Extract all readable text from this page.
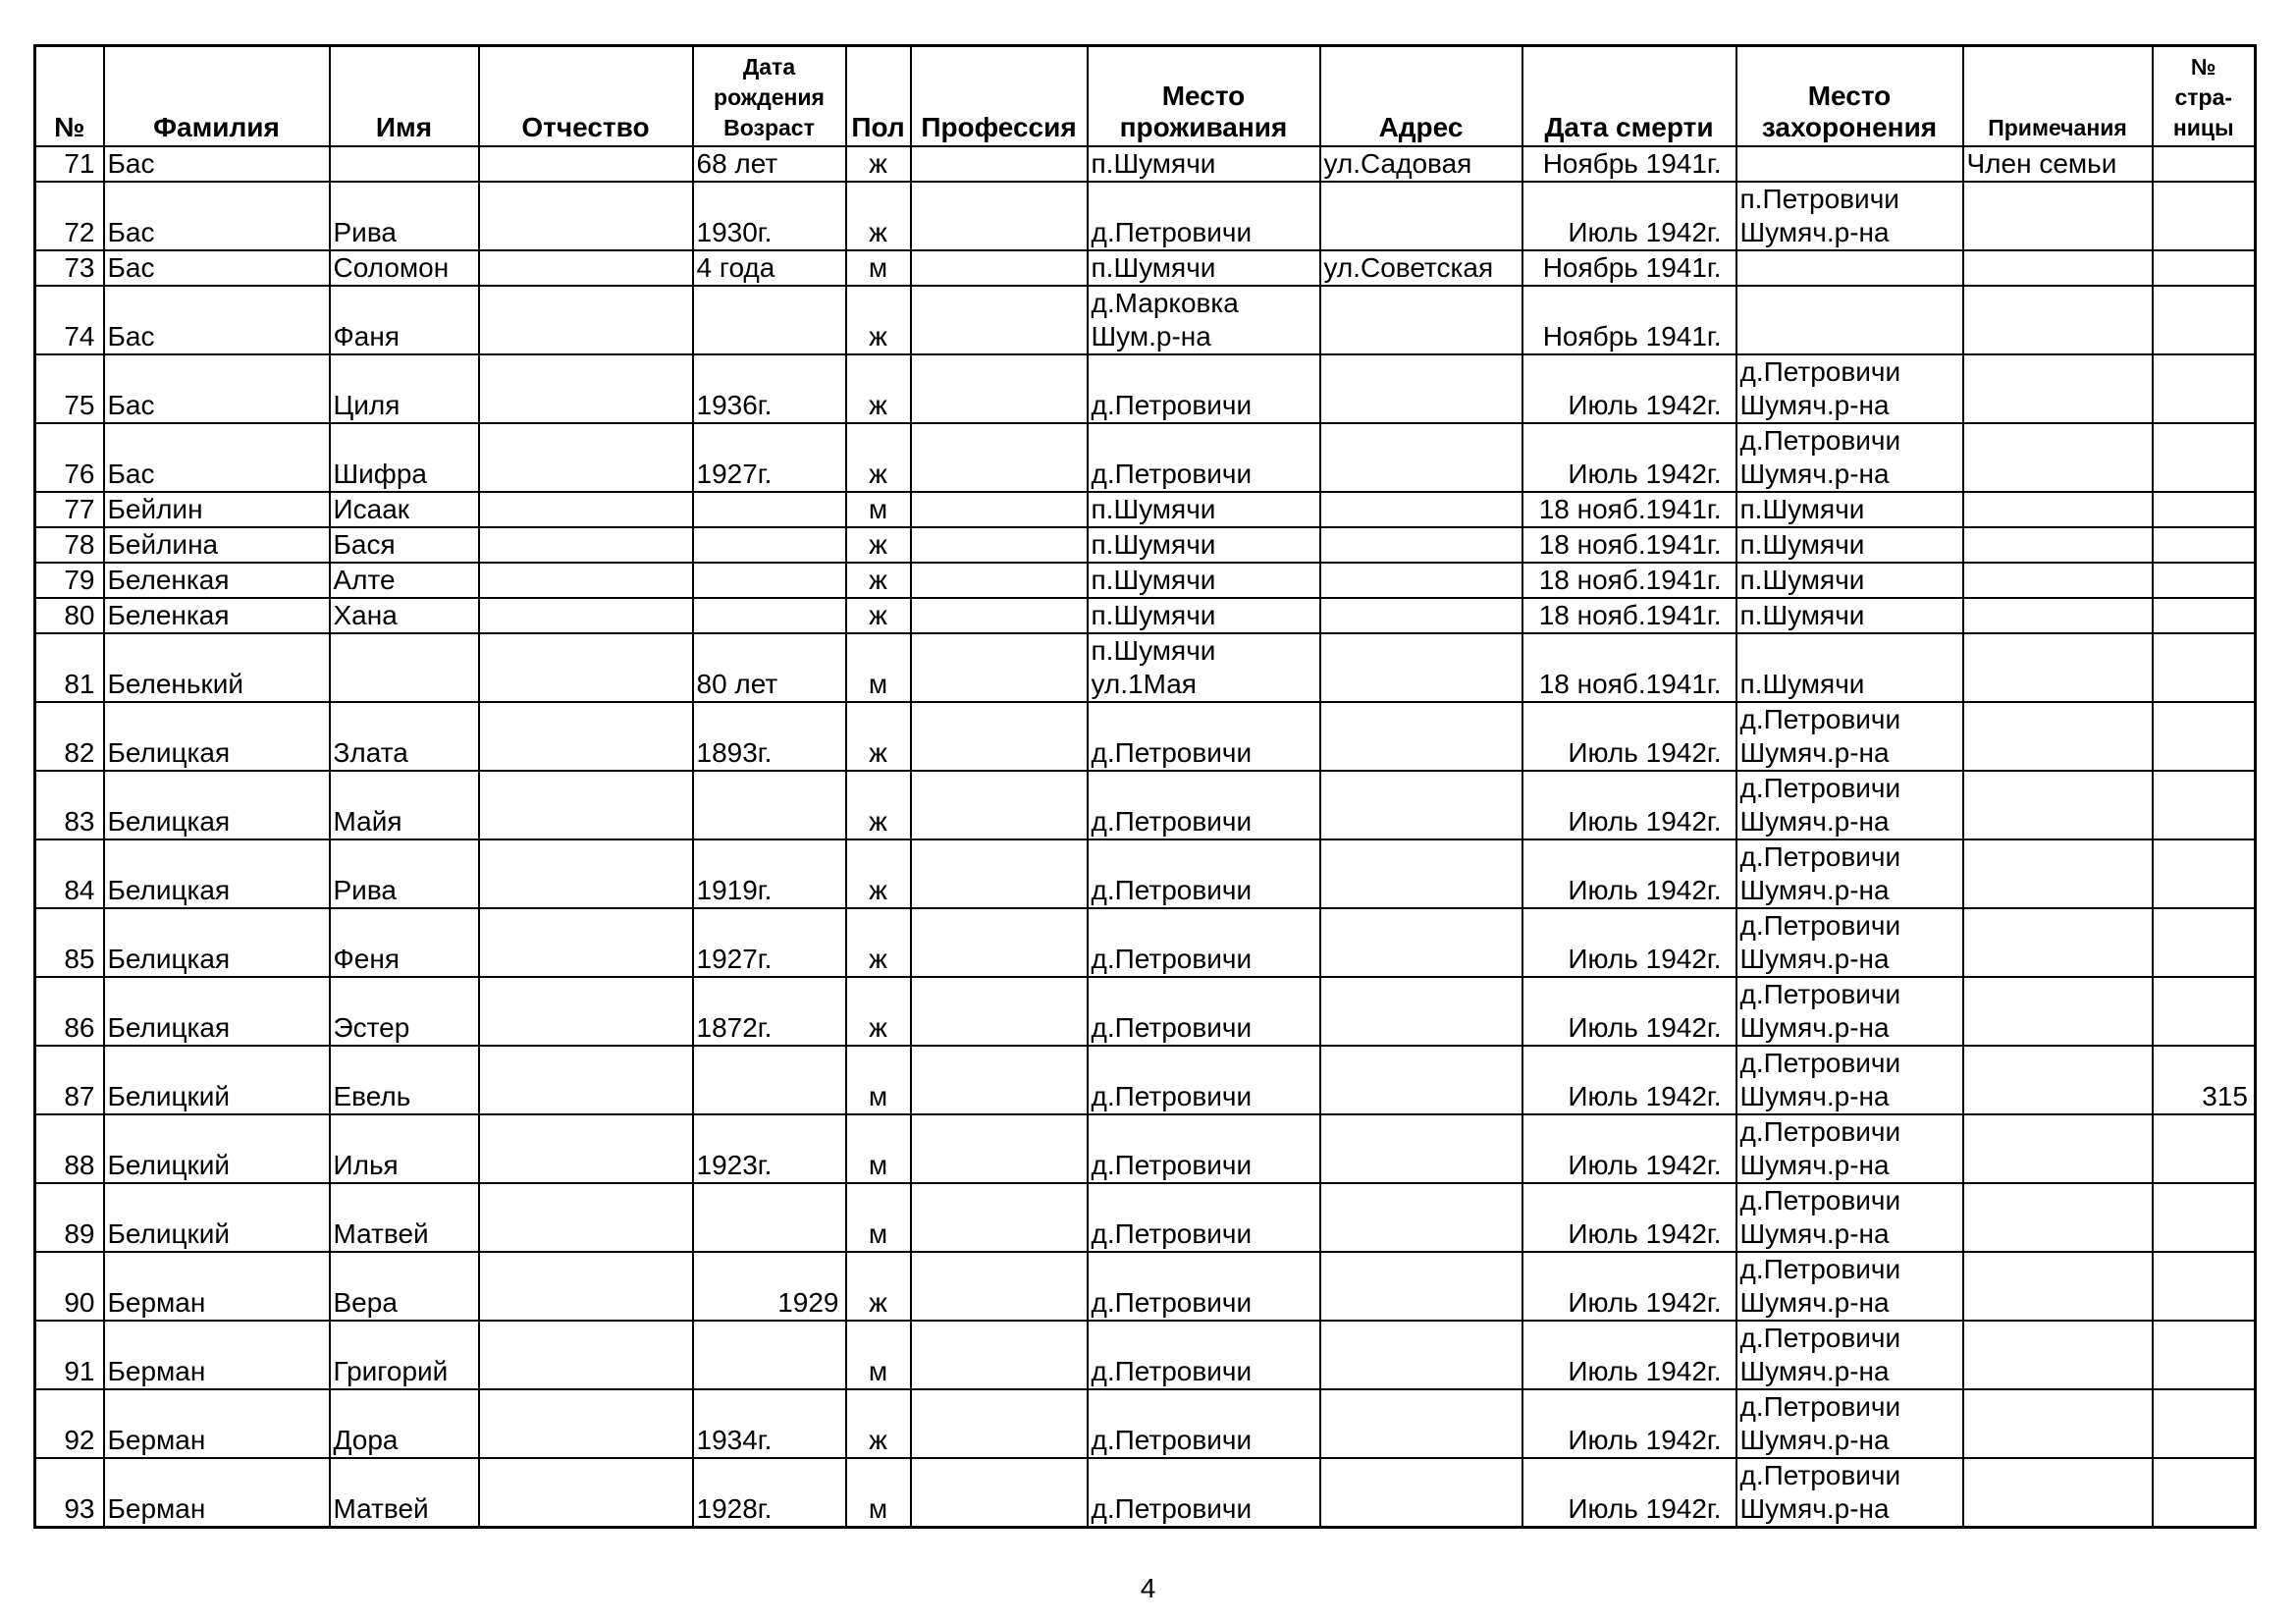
№	Фамилия	Имя	Отчество	Дата
рождения
Возраст	Пол	Профессия	Место
проживания	Адрес	Дата смерти	Место
захоронения	Примечания	№
стра-
ницы

71	Бас			68 лет	ж		п.Шумячи	ул.Садовая	Ноябрь 1941г.		Член семьи	
72	Бас	Рива		1930г.	ж		д.Петровичи		Июль 1942г.	п.Петровичи
Шумяч.р-на		

73	Бас	Соломон		4 года	м		п.Шумячи	ул.Советская	Ноябрь 1941г.			
74	Бас	Фаня			ж		д.Марковка
Шум.р-на		Ноябрь 1941г.			
75	Бас	Циля		1936г.	ж		д.Петровичи		Июль 1942г.	д.Петровичи
Шумяч.р-на		

76	Бас	Шифра		1927г.	ж		д.Петровичи		Июль 1942г.	д.Петровичи
Шумяч.р-на		

77	Бейлин	Исаак			м		п.Шумячи		18 нояб.1941г.	п.Шумячи		

78	Бейлина	Бася			ж		п.Шумячи		18 нояб.1941г.	п.Шумячи		

79	Беленкая	Алте			ж		п.Шумячи		18 нояб.1941г.	п.Шумячи		

80	Беленкая	Хана			ж		п.Шумячи		18 нояб.1941г.	п.Шумячи		

81	Беленький			80 лет	м		п.Шумячи
ул.1Мая		18 нояб.1941г.	п.Шумячи		

82	Белицкая	Злата		1893г.	ж		д.Петровичи		Июль 1942г.	д.Петровичи
Шумяч.р-на		

83	Белицкая	Майя			ж		д.Петровичи		Июль 1942г.	д.Петровичи
Шумяч.р-на		

84	Белицкая	Рива		1919г.	ж		д.Петровичи		Июль 1942г.	д.Петровичи
Шумяч.р-на		

85	Белицкая	Феня		1927г.	ж		д.Петровичи		Июль 1942г.	д.Петровичи
Шумяч.р-на		

86	Белицкая	Эстер		1872г.	ж		д.Петровичи		Июль 1942г.	д.Петровичи
Шумяч.р-на		

87	Белицкий	Евель			м		д.Петровичи		Июль 1942г.	д.Петровичи
Шумяч.р-на		315
88	Белицкий	Илья		1923г.	м		д.Петровичи		Июль 1942г.	д.Петровичи
Шумяч.р-на		

89	Белицкий	Матвей			м		д.Петровичи		Июль 1942г.	д.Петровичи
Шумяч.р-на		

90	Берман	Вера		1929	ж		д.Петровичи		Июль 1942г.	д.Петровичи
Шумяч.р-на		

91	Берман	Григорий			м		д.Петровичи		Июль 1942г.	д.Петровичи
Шумяч.р-на		

92	Берман	Дора		1934г.	ж		д.Петровичи		Июль 1942г.	д.Петровичи
Шумяч.р-на		

93	Берман	Матвей		1928г.	м		д.Петровичи		Июль 1942г.	д.Петровичи
Шумяч.р-на		

4
